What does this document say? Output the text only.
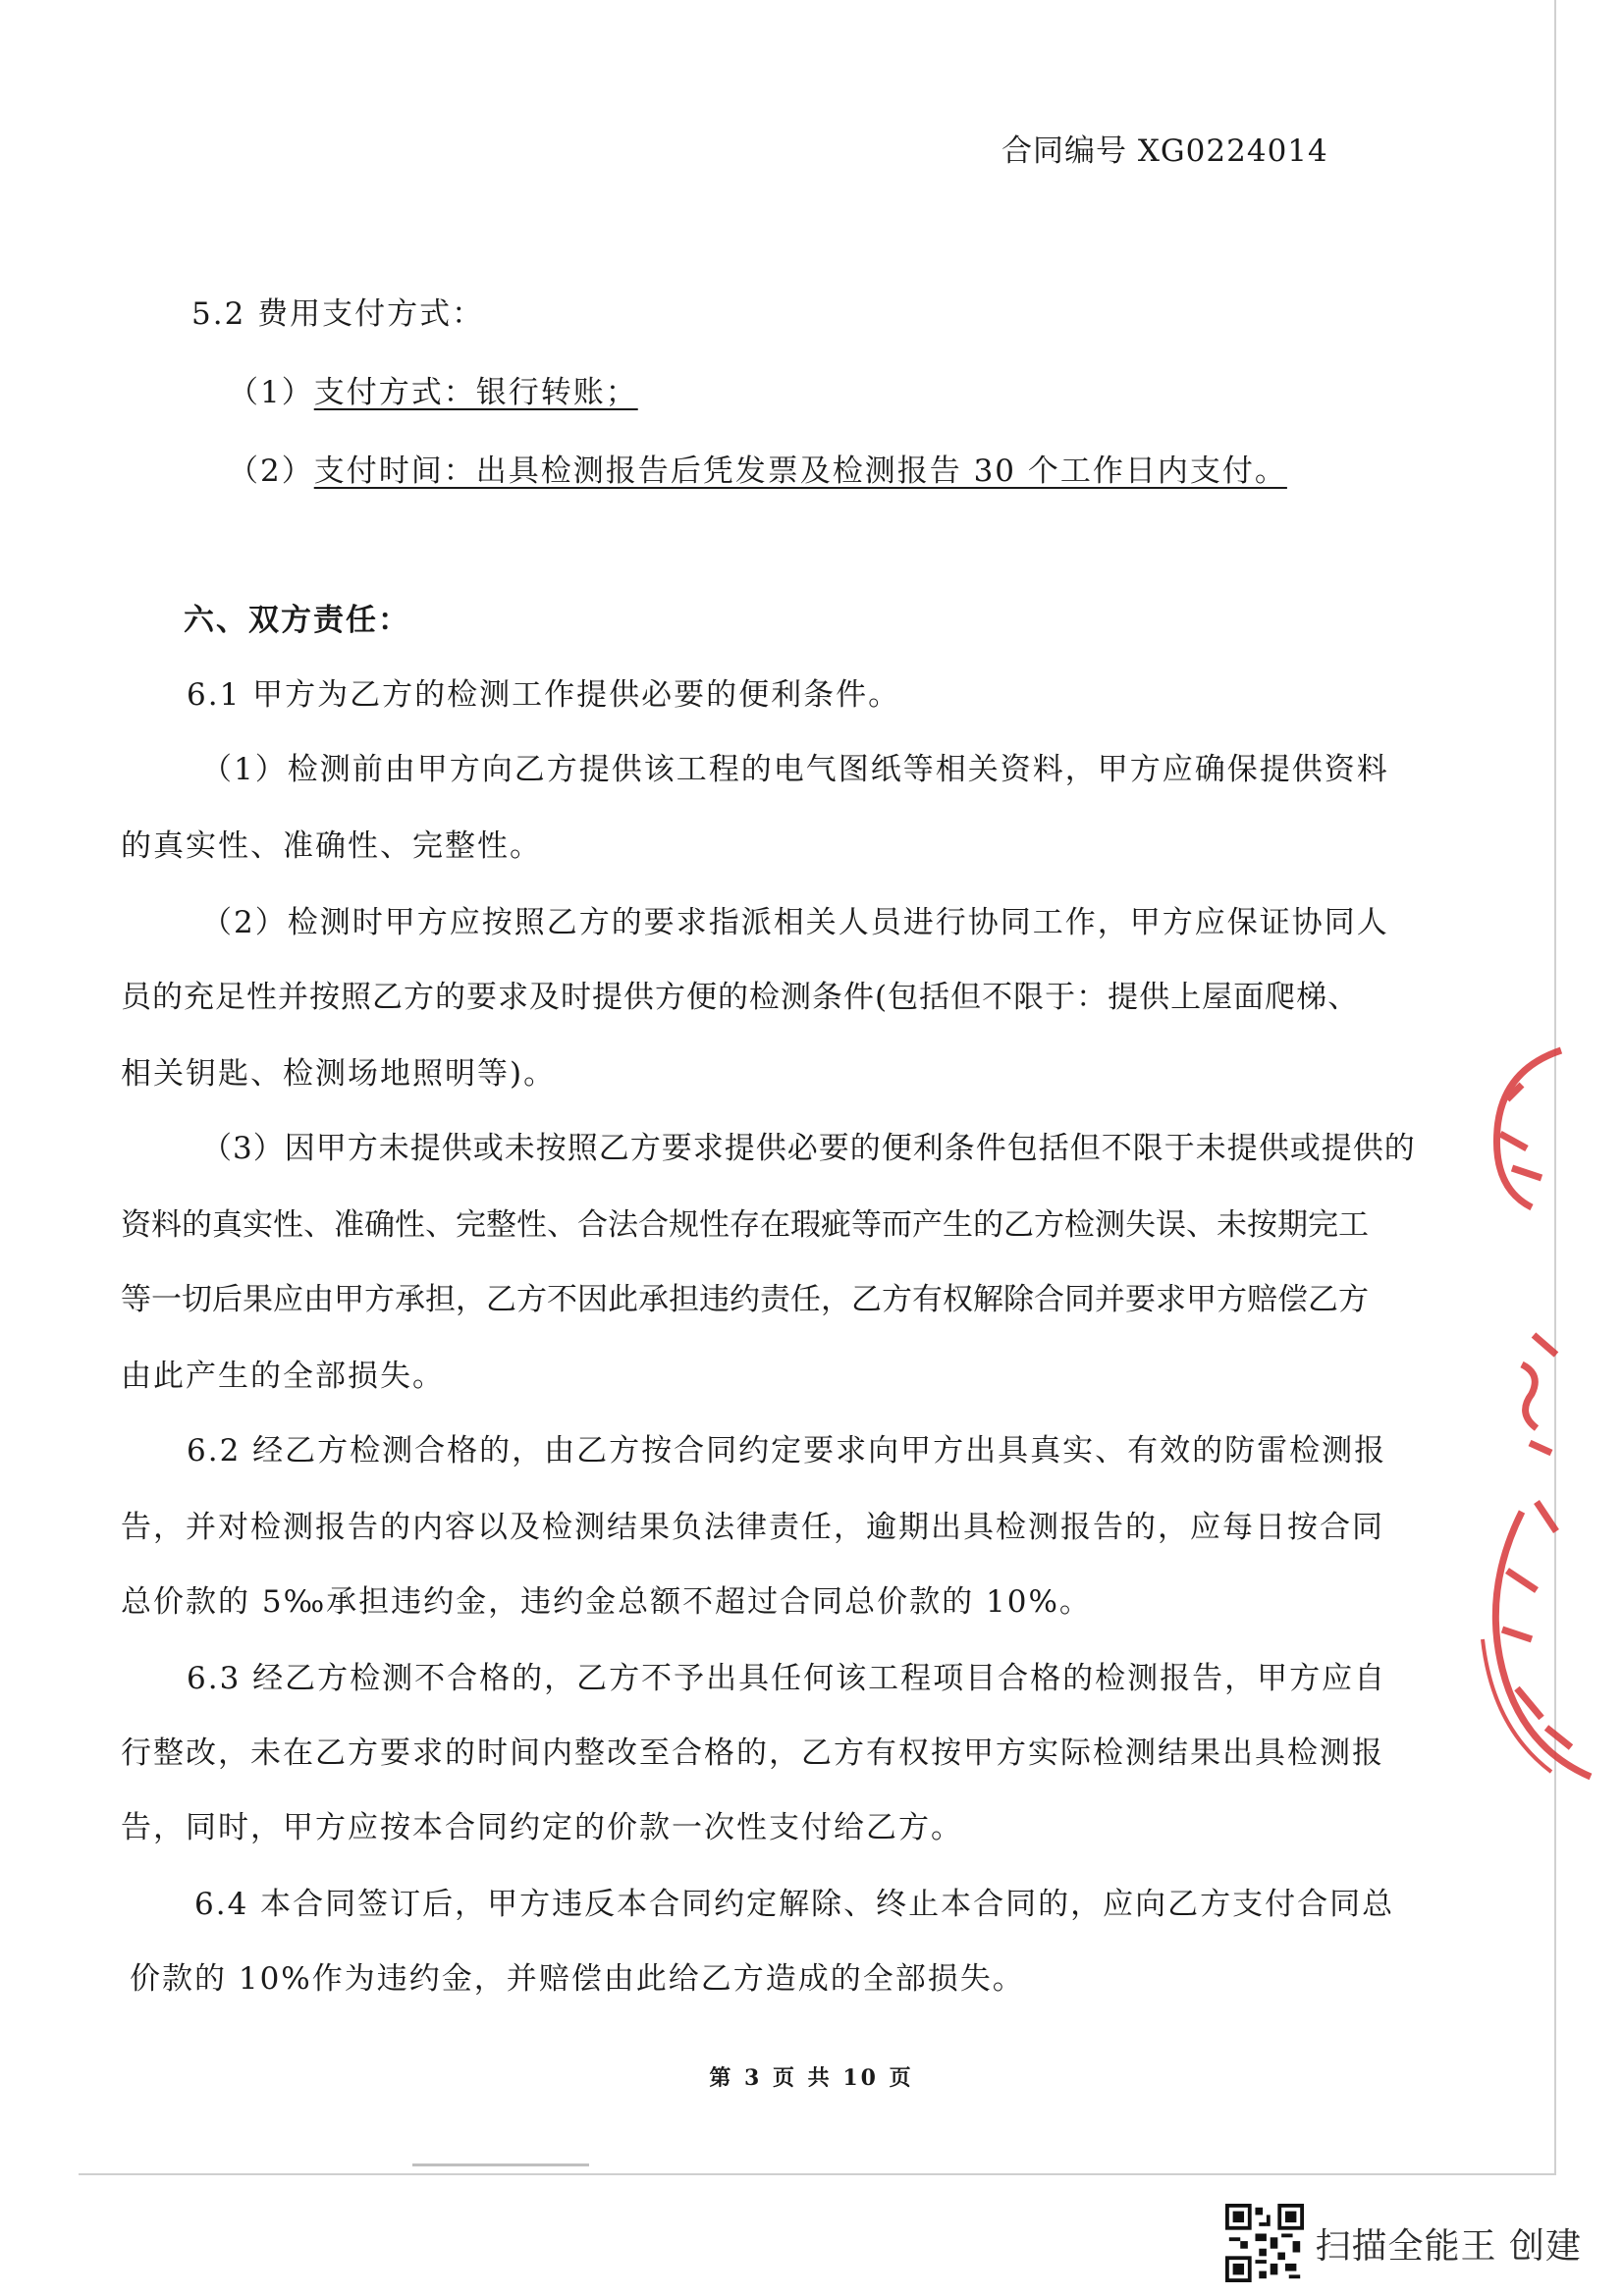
合同编号 XG0224014
5.2 费用支付方式：
（1）支付方式：银行转账；
（2）支付时间：出具检测报告后凭发票及检测报告 30 个工作日内支付。
六、双方责任：
6.1 甲方为乙方的检测工作提供必要的便利条件。
（1）检测前由甲方向乙方提供该工程的电气图纸等相关资料，甲方应确保提供资料
的真实性、准确性、完整性。
（2）检测时甲方应按照乙方的要求指派相关人员进行协同工作，甲方应保证协同人
员的充足性并按照乙方的要求及时提供方便的检测条件(包括但不限于：提供上屋面爬梯、
相关钥匙、检测场地照明等)。
（3）因甲方未提供或未按照乙方要求提供必要的便利条件包括但不限于未提供或提供的
资料的真实性、准确性、完整性、合法合规性存在瑕疵等而产生的乙方检测失误、未按期完工
等一切后果应由甲方承担，乙方不因此承担违约责任，乙方有权解除合同并要求甲方赔偿乙方
由此产生的全部损失。
6.2 经乙方检测合格的，由乙方按合同约定要求向甲方出具真实、有效的防雷检测报
告，并对检测报告的内容以及检测结果负法律责任，逾期出具检测报告的，应每日按合同
总价款的 5‰承担违约金，违约金总额不超过合同总价款的 10%。
6.3 经乙方检测不合格的，乙方不予出具任何该工程项目合格的检测报告，甲方应自
行整改，未在乙方要求的时间内整改至合格的，乙方有权按甲方实际检测结果出具检测报
告，同时，甲方应按本合同约定的价款一次性支付给乙方。
6.4 本合同签订后，甲方违反本合同约定解除、终止本合同的，应向乙方支付合同总
价款的 10%作为违约金，并赔偿由此给乙方造成的全部损失。
第 3 页 共 10 页
扫描全能王 创建
